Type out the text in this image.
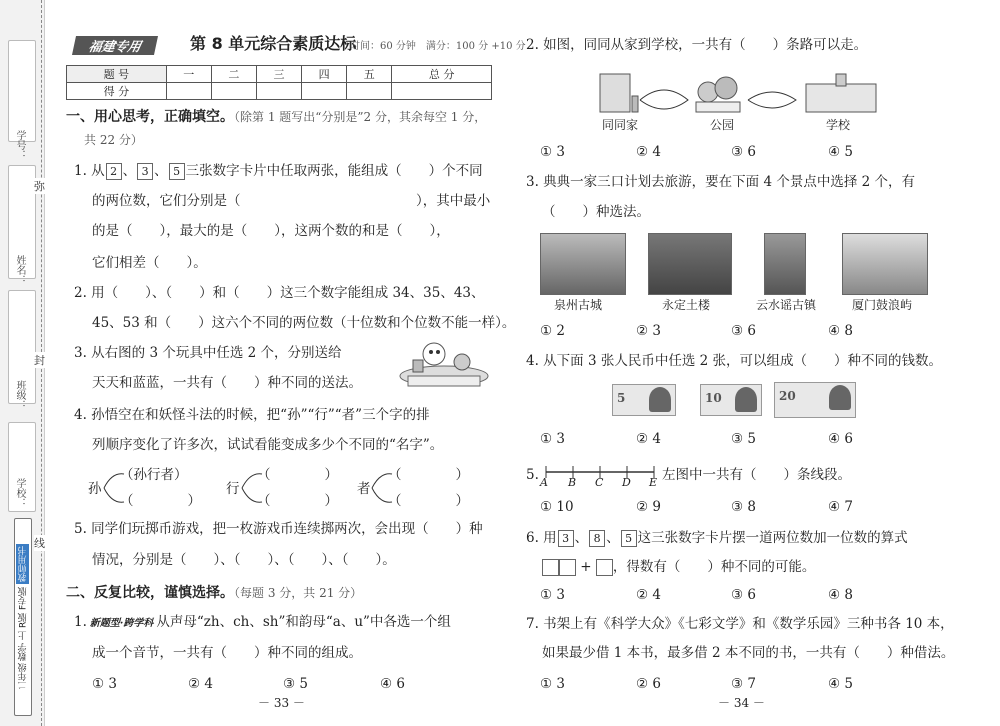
学号：
姓名：
班级：
学校：
二年级

数学

上

R版

F专版

教师用书
弥
封
线
福建专用	第 8 单元综合素质达标
时间：60 分钟　满分：100 分 +10 分
题 号	一	二	三	四	五	总 分
得 分						
一、用心思考，正确填空。（除第 1 题写出“分别是”2 分，其余每空 1 分，
共 22 分）
1. 从 2 、 3 、 5 三张数字卡片中任取两张，能组成（　　）个不同
的两位数，它们分别是（　　　　　　　　　　　　　），其中最小
的是（　　），最大的是（　　），这两个数的和是（　　），
它们相差（　　）。
2. 用（　　）、（　　）和（　　）这三个数字能组成 34、35、43、
45、53 和（　　）这六个不同的两位数（十位数和个位数不能一样）。
3. 从右图的 3 个玩具中任选 2 个，分别送给
天天和蓝蓝，一共有（　　）种不同的送法。
4. 孙悟空在和妖怪斗法的时候，把“孙”“行”“者”三个字的排
列顺序变化了许多次，试试看能变成多少个不同的“名字”。
孙	行	者
（孙行者）
（　　　　）
（　　　　）
（　　　　）
（　　　　）
（　　　　）
5. 同学们玩掷币游戏，把一枚游戏币连续掷两次，会出现（　　）种
情况，分别是（　　）、（　　）、（　　）、（　　）。
二、反复比较，谨慎选择。（每题 3 分，共 21 分）
1. 新题型·跨学科 从声母“zh、ch、sh”和韵母“a、u”中各选一个组
成一个音节，一共有（　　）种不同的组成。
① 3	② 4	③ 5	④ 6
－ 33 －
2. 如图，同同从家到学校，一共有（　　）条路可以走。
同同家	公园	学校
① 3	② 4	③ 6	④ 5
3. 典典一家三口计划去旅游，要在下面 4 个景点中选择 2 个，有
（　　）种选法。
泉州古城	永定土楼	云水谣古镇	厦门鼓浪屿
① 2	② 3	③ 6	④ 8
4. 从下面 3 张人民币中任选 2 张，可以组成（　　）种不同的钱数。
5	10	20
① 3	② 4	③ 5	④ 6
5. A B C D E 左图中一共有（　　）条线段。
① 10	② 9	③ 8	④ 7
6. 用 3 、 8 、 5 这三张数字卡片摆一道两位数加一位数的算式
+ ，得数有（　　）种不同的可能。
① 3	② 4	③ 6	④ 8
7. 书架上有《科学大众》《七彩文学》和《数学乐园》三种书各 10 本，
如果最少借 1 本书，最多借 2 本不同的书，一共有（　　）种借法。
① 3	② 6	③ 7	④ 5
－ 34 －
